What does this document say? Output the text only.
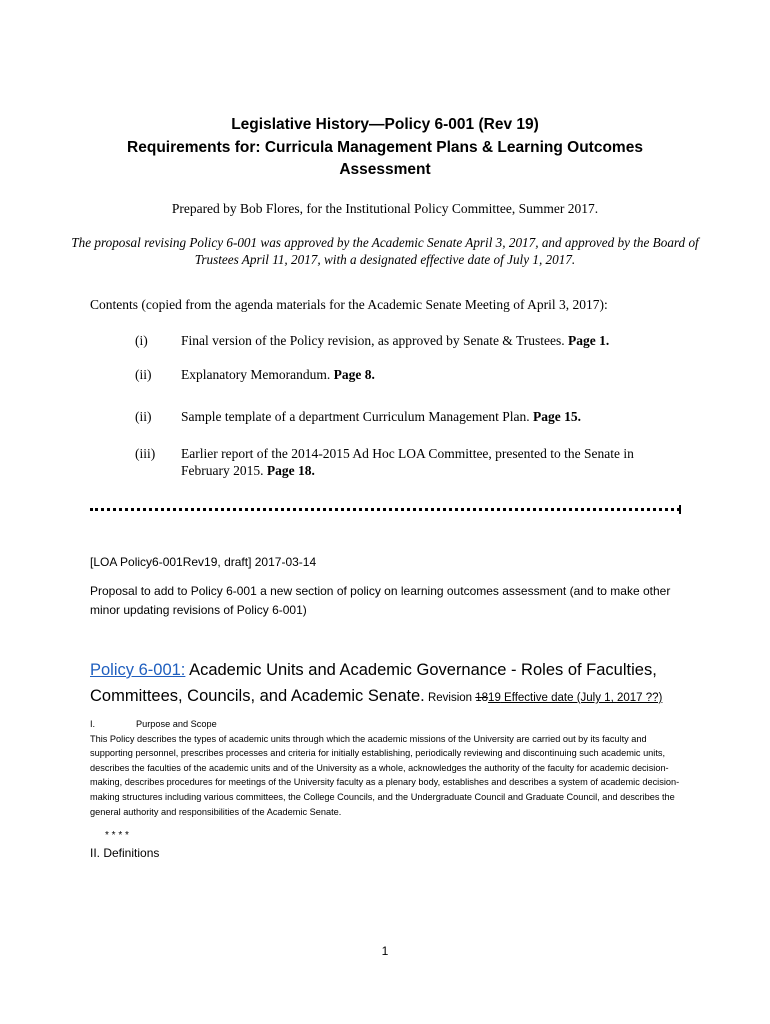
Legislative History—Policy 6-001 (Rev 19)
Requirements for: Curricula Management Plans & Learning Outcomes
Assessment
Prepared by Bob Flores, for the Institutional Policy Committee, Summer 2017.
The proposal revising Policy 6-001 was approved by the Academic Senate April 3, 2017, and approved by the Board of Trustees April 11, 2017, with a designated effective date of July 1, 2017.
Contents (copied from the agenda materials for the Academic Senate Meeting of April 3, 2017):
(i) Final version of the Policy revision, as approved by Senate & Trustees. Page 1.
(ii) Explanatory Memorandum. Page 8.
(ii) Sample template of a department Curriculum Management Plan. Page 15.
(iii) Earlier report of the 2014-2015 Ad Hoc LOA Committee, presented to the Senate in February 2015. Page 18.
[LOA Policy6-001Rev19, draft] 2017-03-14
Proposal to add to Policy 6-001 a new section of policy on learning outcomes assessment (and to make other minor updating revisions of Policy 6-001)
Policy 6-001: Academic Units and Academic Governance - Roles of Faculties, Committees, Councils, and Academic Senate. Revision 1819 Effective date (July 1, 2017 ??)
I.	Purpose and Scope
This Policy describes the types of academic units through which the academic missions of the University are carried out by its faculty and supporting personnel, prescribes processes and criteria for initially establishing, periodically reviewing and discontinuing such academic units, describes the faculties of the academic units and of the University as a whole, acknowledges the authority of the faculty for academic decision-making, describes procedures for meetings of the University faculty as a plenary body, establishes and describes a system of academic decision-making structures including various committees, the College Councils, and the Undergraduate Council and Graduate Council, and describes the general authority and responsibilities of the Academic Senate.
* * * *
II. Definitions
1
